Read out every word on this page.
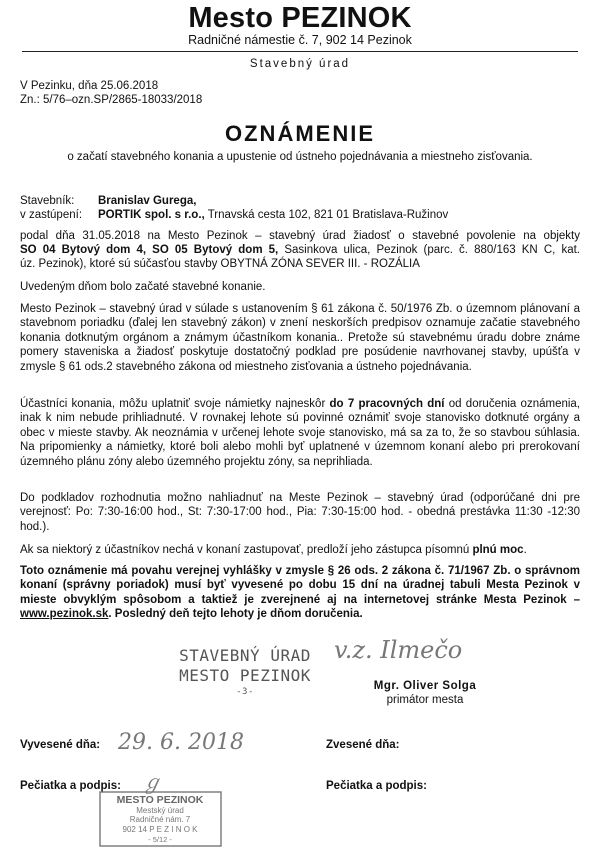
Mesto PEZINOK
Radničné námestie č. 7, 902 14 Pezinok
Stavebný úrad
V Pezinku, dňa 25.06.2018
Zn.: 5/76–ozn.SP/2865-18033/2018
OZNÁMENIE
o začatí stavebného konania a upustenie od ústneho pojednávania a miestneho zisťovania.
Stavebník: Branislav Gurega,
v zastúpení: PORTIK spol. s r.o., Trnavská cesta 102, 821 01 Bratislava-Ružinov
podal dňa 31.05.2018 na Mesto Pezinok – stavebný úrad žiadosť o stavebné povolenie na objekty
SO 04 Bytový dom 4, SO 05 Bytový dom 5, Sasinkova ulica, Pezinok (parc. č. 880/163 KN C, kat.
úz. Pezinok), ktoré sú súčasťou stavby OBYTNÁ ZÓNA SEVER III. - ROZÁLIA
Uvedeným dňom bolo začaté stavebné konanie.
Mesto Pezinok – stavebný úrad v súlade s ustanovením § 61 zákona č. 50/1976 Zb. o územnom plánovaní a stavebnom poriadku (ďalej len stavebný zákon) v znení neskorších predpisov oznamuje začatie stavebného konania dotknutým orgánom a známym účastníkom konania.. Pretože sú stavebnému úradu dobre známe pomery staveniska a žiadosť poskytuje dostatočný podklad pre posúdenie navrhovanej stavby, upúšťa v zmysle § 61 ods.2 stavebného zákona od miestneho zisťovania a ústneho pojednávania.
Účastníci konania, môžu uplatniť svoje námietky najneskôr do 7 pracovných dní od doručenia oznámenia, inak k nim nebude prihliadnuté. V rovnakej lehote sú povinné oznámiť svoje stanovisko dotknuté orgány a obec v mieste stavby. Ak neoznámia v určenej lehote svoje stanovisko, má sa za to, že so stavbou súhlasia. Na pripomienky a námietky, ktoré boli alebo mohli byť uplatnené v územnom konaní alebo pri prerokovaní územného plánu zóny alebo územného projektu zóny, sa neprihliada.
Do podkladov rozhodnutia možno nahliadnuť na Meste Pezinok – stavebný úrad (odporúčané dni pre verejnosť: Po: 7:30-16:00 hod., St: 7:30-17:00 hod., Pia: 7:30-15:00 hod. - obedná prestávka 11:30 -12:30 hod.).
Ak sa niektorý z účastníkov nechá v konaní zastupovať, predloží jeho zástupca písomnú plnú moc.
Toto oznámenie má povahu verejnej vyhlášky v zmysle § 26 ods. 2 zákona č. 71/1967 Zb. o správnom konaní (správny poriadok) musí byť vyvesené po dobu 15 dní na úradnej tabuli Mesta Pezinok v mieste obvyklým spôsobom a taktiež je zverejnené aj na internetovej stránke Mesta Pezinok – www.pezinok.sk. Posledný deň tejto lehoty je dňom doručenia.
STAVEBNÝ ÚRAD
MESTO PEZINOK
-3-
v.z. Ilmečo
Mgr. Oliver Solga
primátor mesta
Vyvesené dňa: 29. 6. 2018	Zvesené dňa:
Pečiatka a podpis: ℊ	Pečiatka a podpis:
MESTO PEZINOK
Mestský úrad
Radničné nám. 7
902 14 P E Z I N O K
- 5/12 -
